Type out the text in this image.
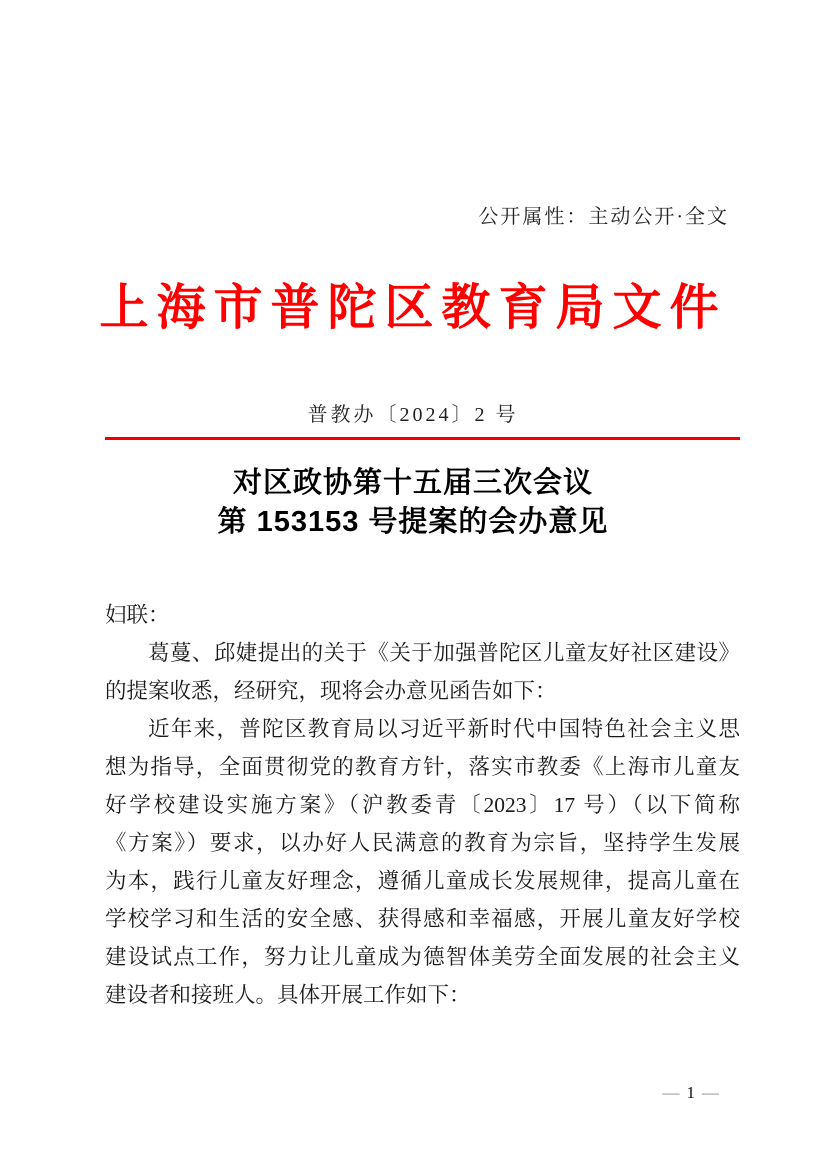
公开属性：主动公开·全文
上海市普陀区教育局文件
普教办〔2024〕2 号
对区政协第十五届三次会议
第 153153 号提案的会办意见
妇联：
葛蔓、邱婕提出的关于《关于加强普陀区儿童友好社区建设》
的提案收悉，经研究，现将会办意见函告如下：
近年来，普陀区教育局以习近平新时代中国特色社会主义思
想为指导，全面贯彻党的教育方针，落实市教委《上海市儿童友
好学校建设实施方案》（沪教委青〔2023〕17 号）（以下简称
《方案》）要求，以办好人民满意的教育为宗旨，坚持学生发展
为本，践行儿童友好理念，遵循儿童成长发展规律，提高儿童在
学校学习和生活的安全感、获得感和幸福感，开展儿童友好学校
建设试点工作，努力让儿童成为德智体美劳全面发展的社会主义
建设者和接班人。具体开展工作如下：
— 1 —
